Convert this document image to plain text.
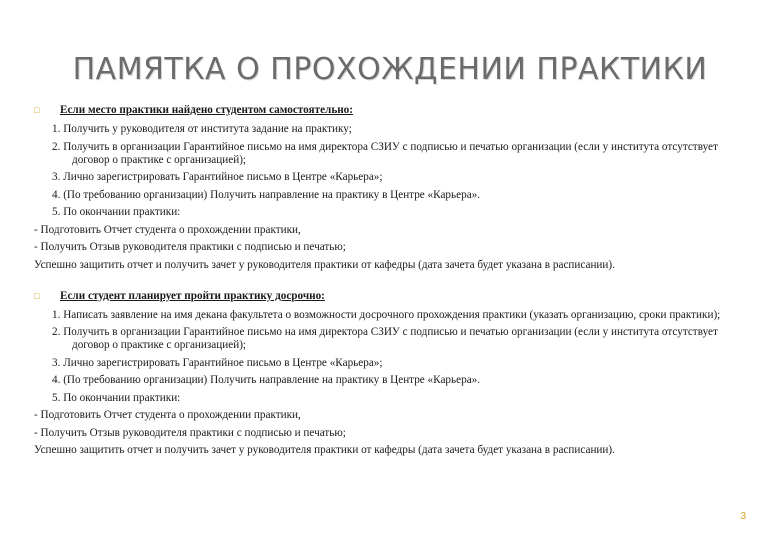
ПАМЯТКА О ПРОХОЖДЕНИИ ПРАКТИКИ
□ Если место практики найдено студентом самостоятельно:
1. Получить у руководителя от института задание на практику;
2. Получить в организации Гарантийное письмо на имя директора СЗИУ с подписью и печатью организации (если у института отсутствует договор о практике с организацией);
3. Лично зарегистрировать Гарантийное письмо в Центре «Карьера»;
4. (По требованию организации) Получить направление на практику в Центре «Карьера».
5. По окончании практики:
- Подготовить Отчет студента о прохождении практики,
- Получить Отзыв руководителя практики с подписью и печатью;
Успешно защитить отчет и получить зачет у руководителя практики от кафедры (дата зачета будет указана в расписании).
□ Если студент планирует пройти практику досрочно:
1. Написать заявление на имя декана факультета о возможности досрочного прохождения практики (указать организацию, сроки практики);
2. Получить в организации Гарантийное письмо на имя директора СЗИУ с подписью и печатью организации (если у института отсутствует договор о практике с организацией);
3. Лично зарегистрировать Гарантийное письмо в Центре «Карьера»;
4. (По требованию организации) Получить направление на практику в Центре «Карьера».
5. По окончании практики:
- Подготовить Отчет студента о прохождении практики,
- Получить Отзыв руководителя практики с подписью и печатью;
Успешно защитить отчет и получить зачет у руководителя практики от кафедры (дата зачета будет указана в расписании).
3
